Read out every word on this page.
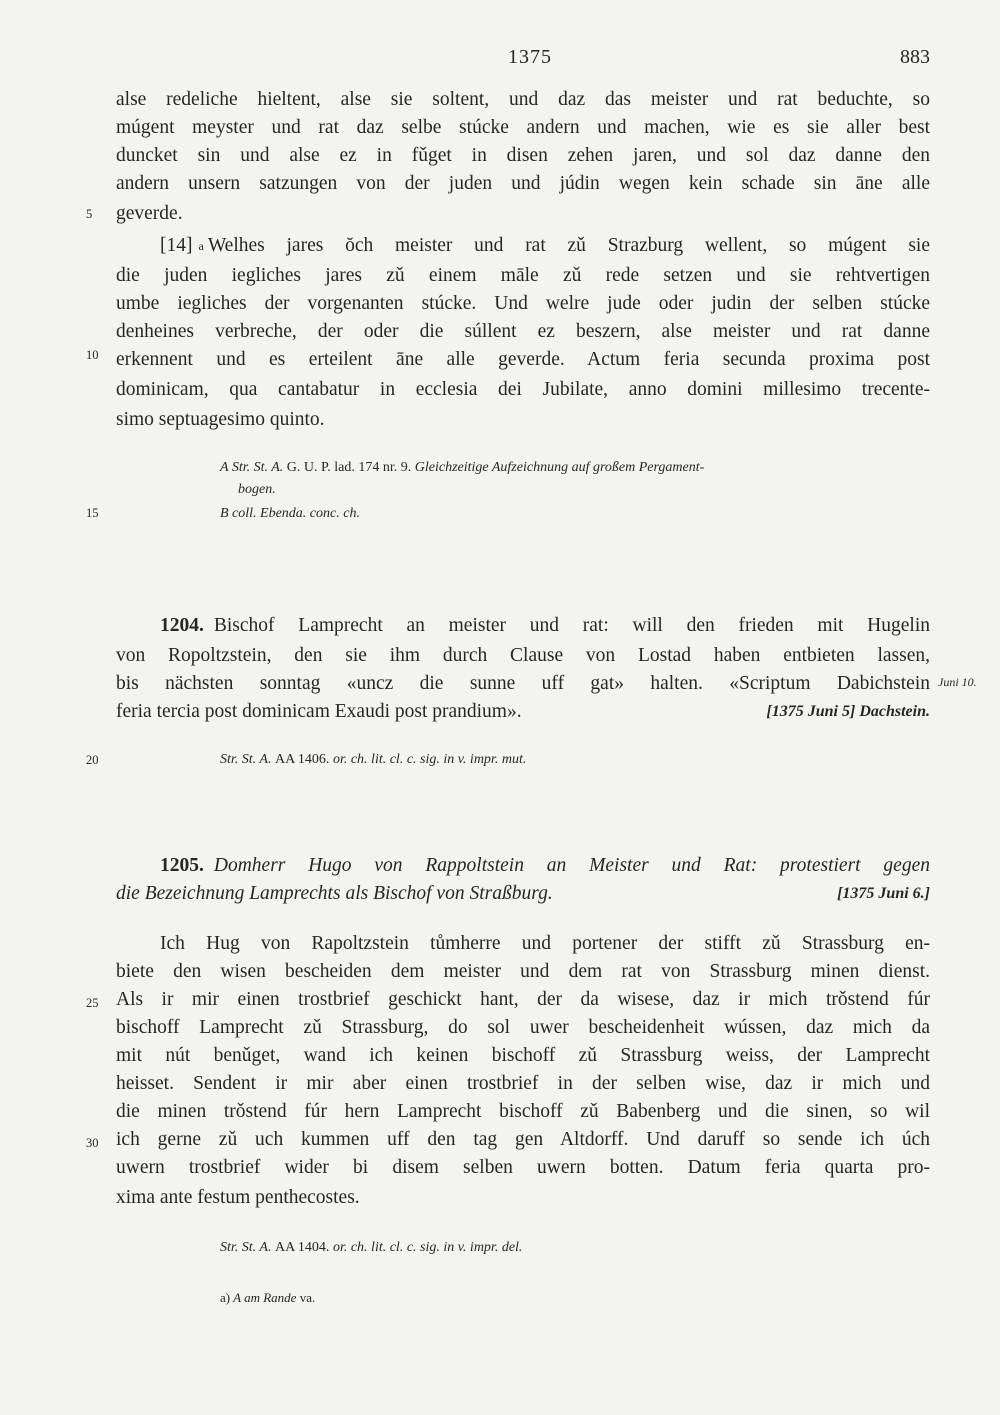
1375	883
5
10
15
20
25
30
alse redeliche hieltent, alse sie soltent, und daz das meister und rat beduchte, so
múgent meyster und rat daz selbe stúcke andern und machen, wie es sie aller best
duncket sin und alse ez in fǔget in disen zehen jaren, und sol daz danne den
andern unsern satzungen von der juden und júdin wegen kein schade sin āne alle
geverde.
[14] a Welhes jares ŏch meister und rat zǔ Strazburg wellent, so múgent sie
die juden iegliches jares zǔ einem māle zǔ rede setzen und sie rehtvertigen
umbe iegliches der vorgenanten stúcke. Und welre jude oder judin der selben stúcke
denheines verbreche, der oder die súllent ez beszern, alse meister und rat danne
erkennent und es erteilent āne alle geverde. Actum feria secunda proxima post
dominicam, qua cantabatur in ecclesia dei Jubilate, anno domini millesimo trecente-
simo septuagesimo quinto.
A Str. St. A. G. U. P. lad. 174 nr. 9. Gleichzeitige Aufzeichnung auf großem Pergament-
bogen.
B coll. Ebenda. conc. ch.
1204. Bischof Lamprecht an meister und rat: will den frieden mit Hugelin
von Ropoltzstein, den sie ihm durch Clause von Lostad haben entbieten lassen,
bis nächsten sonntag «uncz die sunne uff gat» halten. «Scriptum Dabichstein Juni 10.
feria tercia post dominicam Exaudi post prandium».	[1375 Juni 5] Dachstein.
Str. St. A. AA 1406. or. ch. lit. cl. c. sig. in v. impr. mut.
1205. Domherr Hugo von Rappoltstein an Meister und Rat: protestiert gegen
die Bezeichnung Lamprechts als Bischof von Straßburg.	[1375 Juni 6.]
Ich Hug von Rapoltzstein tůmherre und portener der stifft zǔ Strassburg en-
biete den wisen bescheiden dem meister und dem rat von Strassburg minen dienst.
Als ir mir einen trostbrief geschickt hant, der da wisese, daz ir mich trǒstend fúr
bischoff Lamprecht zǔ Strassburg, do sol uwer bescheidenheit wússen, daz mich da
mit nút benǔget, wand ich keinen bischoff zǔ Strassburg weiss, der Lamprecht
heisset. Sendent ir mir aber einen trostbrief in der selben wise, daz ir mich und
die minen trǒstend fúr hern Lamprecht bischoff zǔ Babenberg und die sinen, so wil
ich gerne zǔ uch kummen uff den tag gen Altdorff. Und daruff so sende ich úch
uwern trostbrief wider bi disem selben uwern botten. Datum feria quarta pro-
xima ante festum penthecostes.
Str. St. A. AA 1404. or. ch. lit. cl. c. sig. in v. impr. del.
a) A am Rande va.
